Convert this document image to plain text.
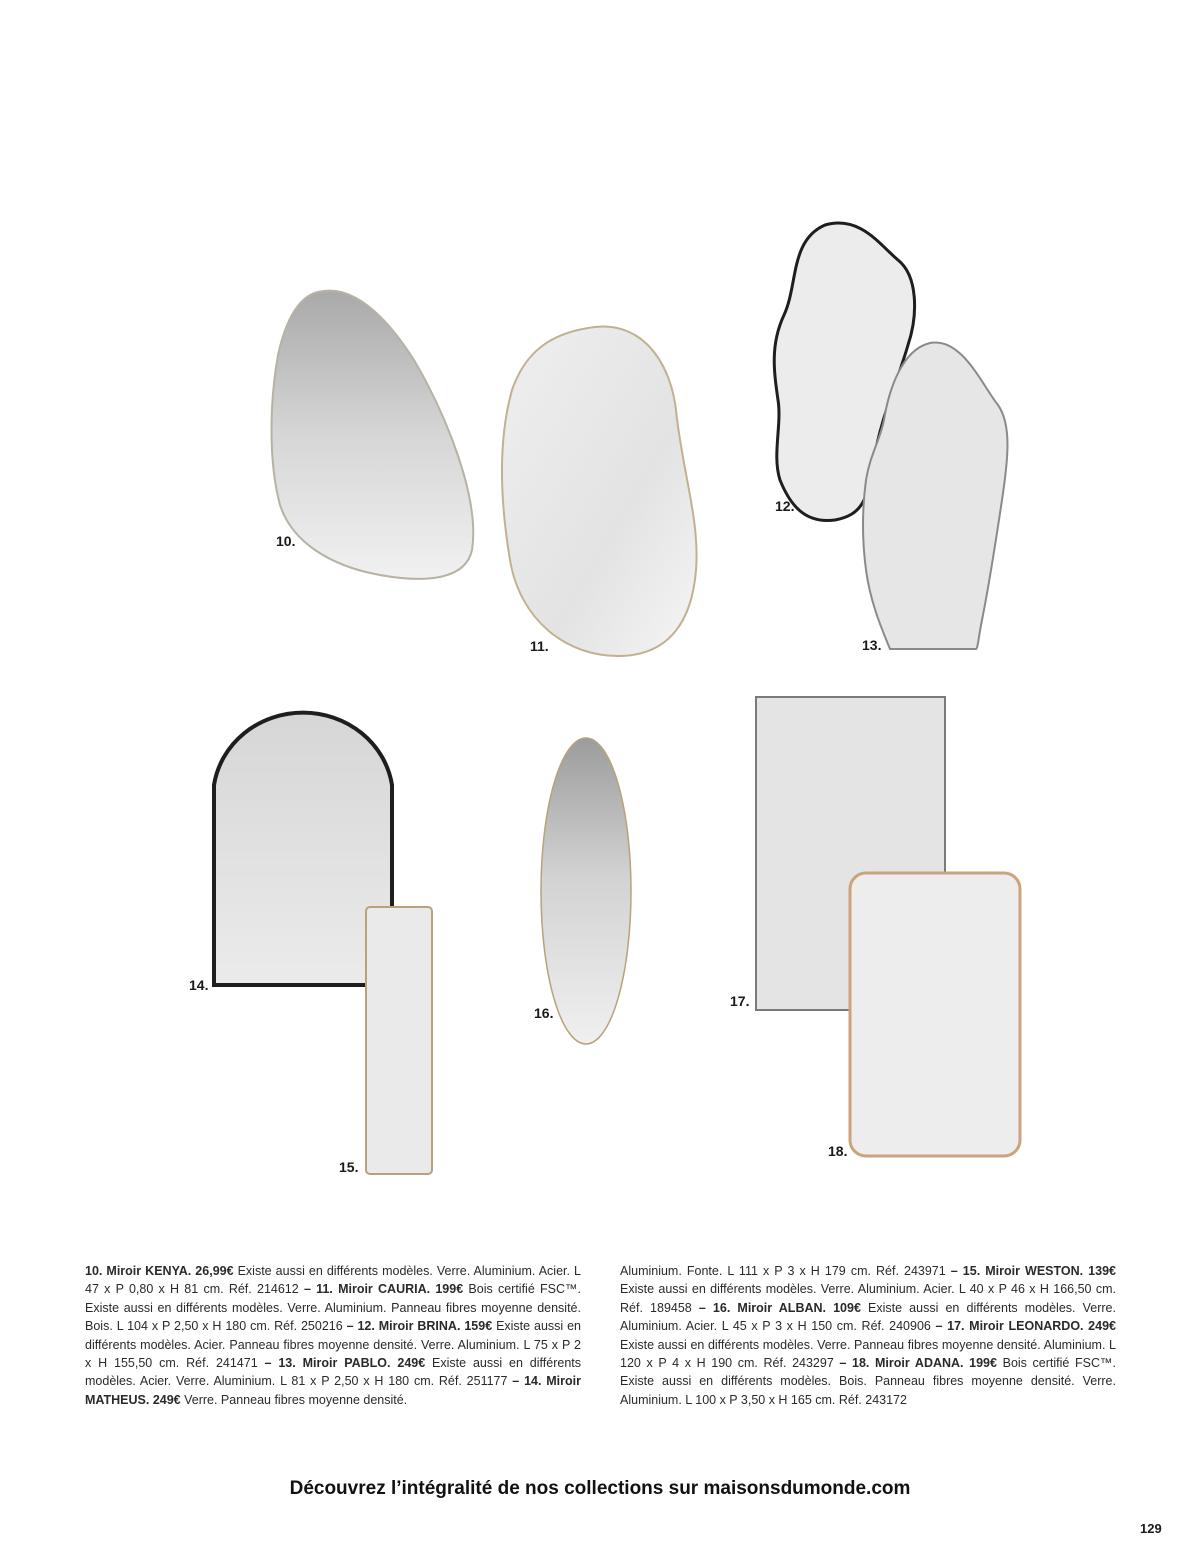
10.
11.
12.
13.
14.
15.
16.
17.
18.
10. Miroir KENYA. 26,99€ Existe aussi en différents modèles. Verre. Aluminium. Acier. L 47 x P 0,80 x H 81 cm. Réf. 214612 – 11. Miroir CAURIA. 199€ Bois certifié FSC™. Existe aussi en différents modèles. Verre. Aluminium. Panneau fibres moyenne densité. Bois. L 104 x P 2,50 x H 180 cm. Réf. 250216 – 12. Miroir BRINA. 159€ Existe aussi en différents modèles. Acier. Panneau fibres moyenne densité. Verre. Aluminium. L 75 x P 2 x H 155,50 cm. Réf. 241471 – 13. Miroir PABLO. 249€ Existe aussi en différents modèles. Acier. Verre. Aluminium. L 81 x P 2,50 x H 180 cm. Réf. 251177 – 14. Miroir MATHEUS. 249€ Verre. Panneau fibres moyenne densité.
Aluminium. Fonte. L 111 x P 3 x H 179 cm. Réf. 243971 – 15. Miroir WESTON. 139€ Existe aussi en différents modèles. Verre. Aluminium. Acier. L 40 x P 46 x H 166,50 cm. Réf. 189458 – 16. Miroir ALBAN. 109€ Existe aussi en différents modèles. Verre. Aluminium. Acier. L 45 x P 3 x H 150 cm. Réf. 240906 – 17. Miroir LEONARDO. 249€ Existe aussi en différents modèles. Verre. Panneau fibres moyenne densité. Aluminium. L 120 x P 4 x H 190 cm. Réf. 243297 – 18. Miroir ADANA. 199€ Bois certifié FSC™. Existe aussi en différents modèles. Bois. Panneau fibres moyenne densité. Verre. Aluminium. L 100 x P 3,50 x H 165 cm. Réf. 243172
Découvrez l’intégralité de nos collections sur maisonsdumonde.com
129
